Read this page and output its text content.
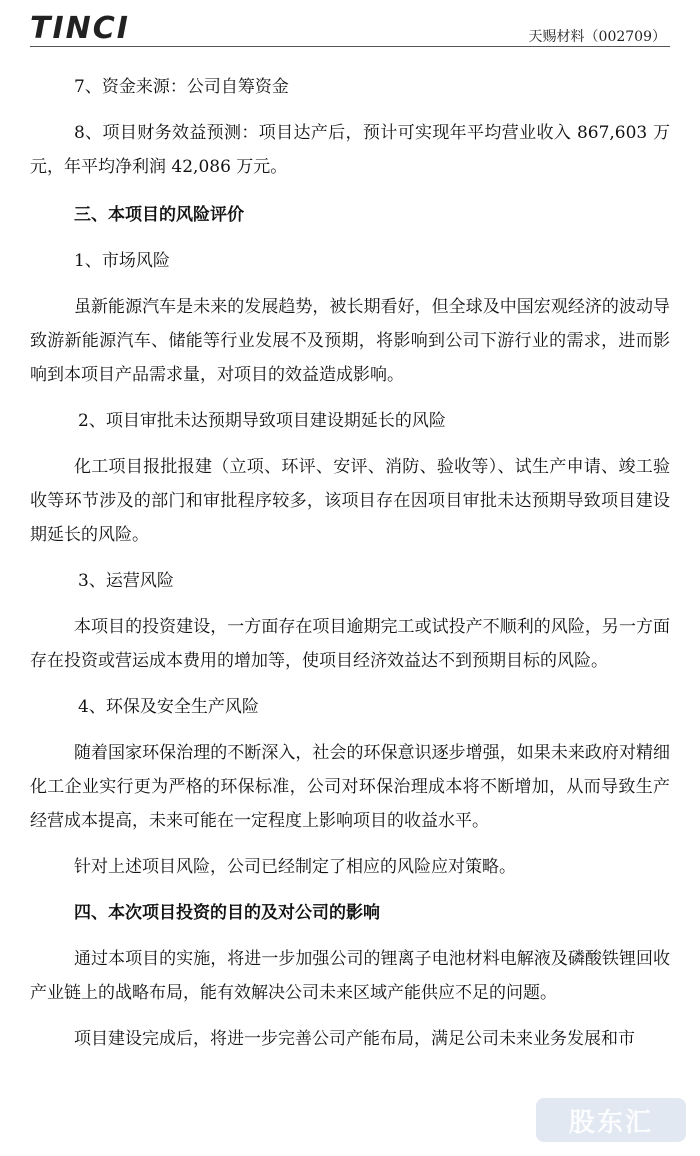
TINCI	天赐材料（002709）

7、资金来源：公司自筹资金

8、项目财务效益预测：项目达产后，预计可实现年平均营业收入 867,603 万元，年平均净利润 42,086 万元。

三、本项目的风险评价

1、市场风险

虽新能源汽车是未来的发展趋势，被长期看好，但全球及中国宏观经济的波动导致游新能源汽车、储能等行业发展不及预期，将影响到公司下游行业的需求，进而影响到本项目产品需求量，对项目的效益造成影响。

2、项目审批未达预期导致项目建设期延长的风险

化工项目报批报建（立项、环评、安评、消防、验收等）、试生产申请、竣工验收等环节涉及的部门和审批程序较多，该项目存在因项目审批未达预期导致项目建设期延长的风险。

3、运营风险

本项目的投资建设，一方面存在项目逾期完工或试投产不顺利的风险，另一方面存在投资或营运成本费用的增加等，使项目经济效益达不到预期目标的风险。

4、环保及安全生产风险

随着国家环保治理的不断深入，社会的环保意识逐步增强，如果未来政府对精细化工企业实行更为严格的环保标准，公司对环保治理成本将不断增加，从而导致生产经营成本提高，未来可能在一定程度上影响项目的收益水平。

针对上述项目风险，公司已经制定了相应的风险应对策略。

四、本次项目投资的目的及对公司的影响

通过本项目的实施，将进一步加强公司的锂离子电池材料电解液及磷酸铁锂回收产业链上的战略布局，能有效解决公司未来区域产能供应不足的问题。

项目建设完成后，将进一步完善公司产能布局，满足公司未来业务发展和市

股东汇
